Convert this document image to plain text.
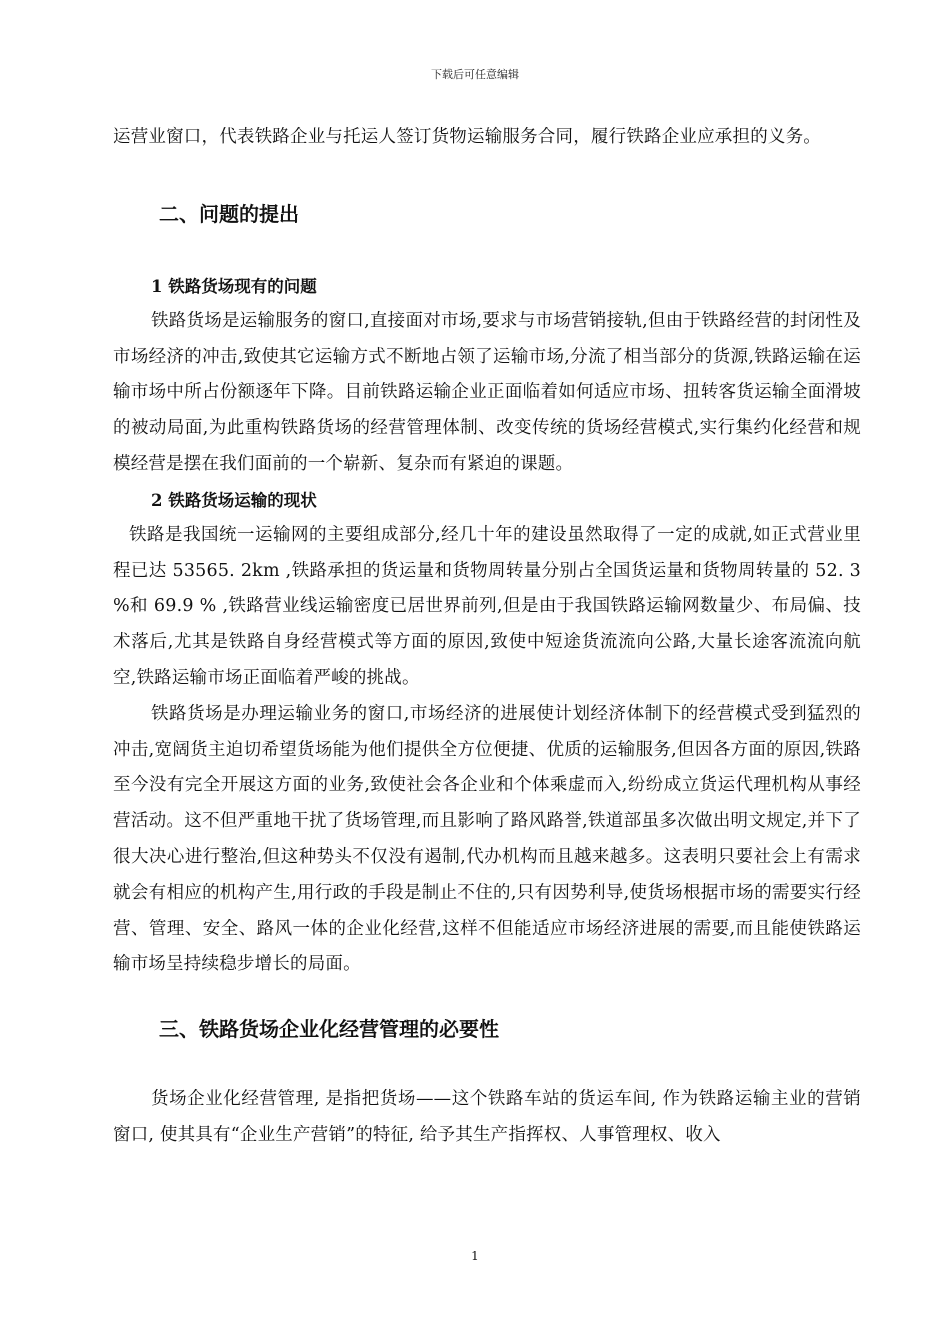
下载后可任意编辑

运营业窗口，代表铁路企业与托运人签订货物运输服务合同，履行铁路企业应承担的义务。

二、问题的提出
1 铁路货场现有的问题

铁路货场是运输服务的窗口,直接面对市场,要求与市场营销接轨,但由于铁路经营的封闭性及市场经济的冲击,致使其它运输方式不断地占领了运输市场,分流了相当部分的货源,铁路运输在运输市场中所占份额逐年下降。目前铁路运输企业正面临着如何适应市场、扭转客货运输全面滑坡的被动局面,为此重构铁路货场的经营管理体制、改变传统的货场经营模式,实行集约化经营和规模经营是摆在我们面前的一个崭新、复杂而有紧迫的课题。

2 铁路货场运输的现状

铁路是我国统一运输网的主要组成部分,经几十年的建设虽然取得了一定的成就,如正式营业里程已达 53565. 2km ,铁路承担的货运量和货物周转量分别占全国货运量和货物周转量的 52. 3 %和 69.9 % ,铁路营业线运输密度已居世界前列,但是由于我国铁路运输网数量少、布局偏、技术落后,尤其是铁路自身经营模式等方面的原因,致使中短途货流流向公路,大量长途客流流向航空,铁路运输市场正面临着严峻的挑战。

铁路货场是办理运输业务的窗口,市场经济的进展使计划经济体制下的经营模式受到猛烈的冲击,宽阔货主迫切希望货场能为他们提供全方位便捷、优质的运输服务,但因各方面的原因,铁路至今没有完全开展这方面的业务,致使社会各企业和个体乘虚而入,纷纷成立货运代理机构从事经营活动。这不但严重地干扰了货场管理,而且影响了路风路誉,铁道部虽多次做出明文规定,并下了很大决心进行整治,但这种势头不仅没有遏制,代办机构而且越来越多。这表明只要社会上有需求就会有相应的机构产生,用行政的手段是制止不住的,只有因势利导,使货场根据市场的需要实行经营、管理、安全、路风一体的企业化经营,这样不但能适应市场经济进展的需要,而且能使铁路运输市场呈持续稳步增长的局面。

三、铁路货场企业化经营管理的必要性

货场企业化经营管理, 是指把货场——这个铁路车站的货运车间, 作为铁路运输主业的营销窗口, 使其具有“企业生产营销”的特征, 给予其生产指挥权、人事管理权、收入

1
